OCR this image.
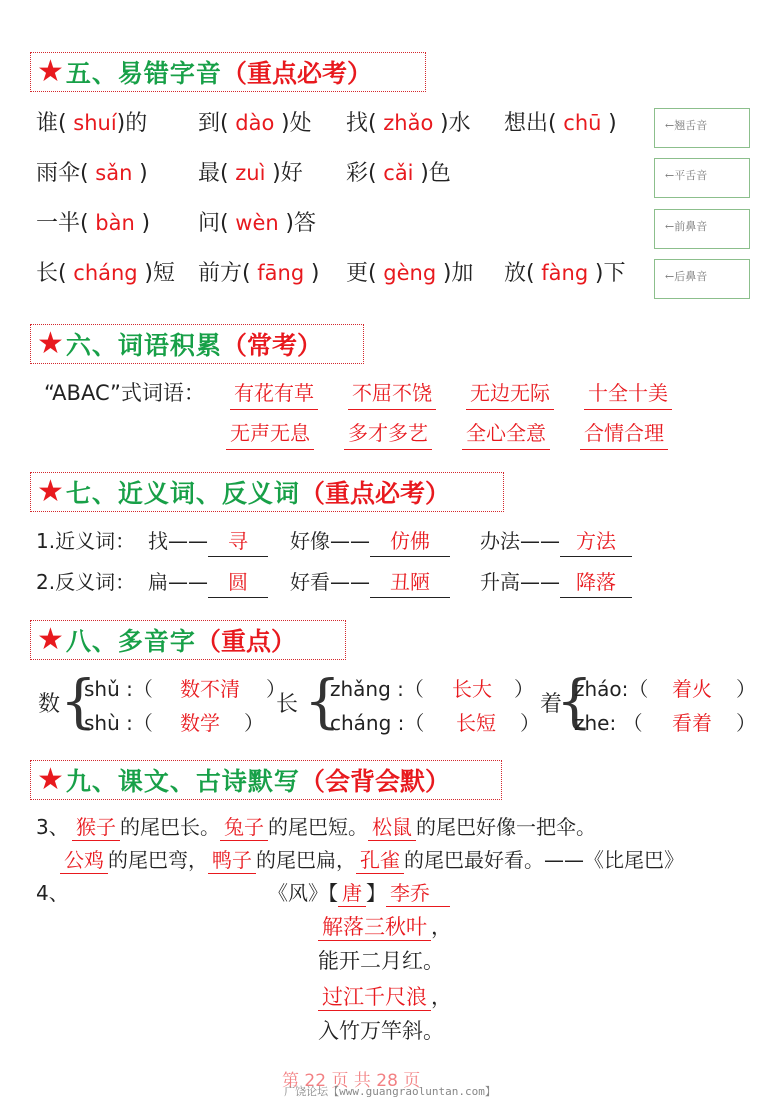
★ 五、易错字音 （ 重点必考 ）
谁( shuí)的 到( dào )处 找( zhǎo )水 想出( chū )
雨伞( sǎn ) 最( zuì )好 彩( cǎi )色
一半( bàn ) 问( wèn )答
长( cháng )短 前方( fāng ) 更( gèng )加 放( fàng )下
←翘舌音
←平舌音
←前鼻音
←后鼻音
★ 六、词语积累 （ 常考 ）
“ABAC”式词语： 有花有草 不屈不饶 无边无际 十全十美
无声无息 多才多艺 全心全意 合情合理
★ 七、近义词、反义词 （ 重点必考 ）
1.近义词：
2.反义词：
找—— 寻	好像—— 仿佛	办法—— 方法
扁—— 圆	好看—— 丑陋	升高—— 降落
★ 八、多音字 （ 重点 ）
数 {
shǔ :（ 数不清 ）
shù :（ 数学 ）
长 {
zhǎng :（ 长大 ）
cháng :（ 长短 ）
着
{
zháo:（ 着火 ）
zhe: （ 看着 ）
★ 九、课文、古诗默写 （ 会背会默 ）
3、 猴子 的尾巴长。 兔子 的尾巴短。 松鼠 的尾巴好像一把伞。
公鸡 的尾巴弯， 鸭子 的尾巴扁， 孔雀 的尾巴最好看。——《比尾巴》
4、	《风》【 唐 】 李乔
解落三秋叶 ，
能开二月红。
过江千尺浪 ，
入竹万竿斜。
第 22 页 共 28 页
广饶论坛【www.guangraoluntan.com】
